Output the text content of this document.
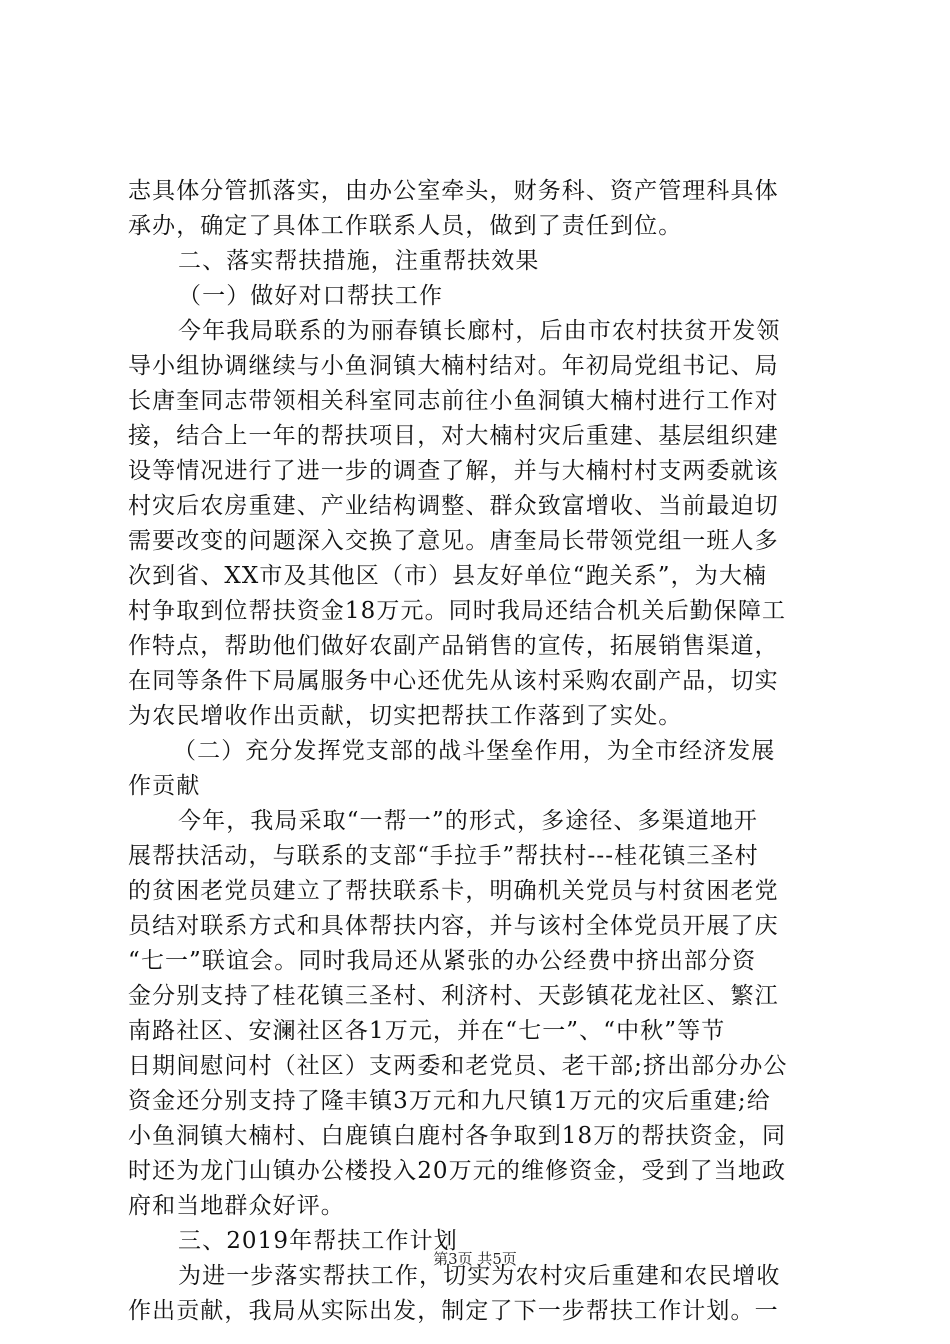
志具体分管抓落实，由办公室牵头，财务科、资产管理科具体
承办，确定了具体工作联系人员，做到了责任到位。
二、落实帮扶措施，注重帮扶效果
（一）做好对口帮扶工作
今年我局联系的为丽春镇长廊村，后由市农村扶贫开发领
导小组协调继续与小鱼洞镇大楠村结对。年初局党组书记、局
长唐奎同志带领相关科室同志前往小鱼洞镇大楠村进行工作对
接，结合上一年的帮扶项目，对大楠村灾后重建、基层组织建
设等情况进行了进一步的调查了解，并与大楠村村支两委就该
村灾后农房重建、产业结构调整、群众致富增收、当前最迫切
需要改变的问题深入交换了意见。唐奎局长带领党组一班人多
次到省、XX市及其他区（市）县友好单位“跑关系”，为大楠
村争取到位帮扶资金18万元。同时我局还结合机关后勤保障工
作特点，帮助他们做好农副产品销售的宣传，拓展销售渠道，
在同等条件下局属服务中心还优先从该村采购农副产品，切实
为农民增收作出贡献，切实把帮扶工作落到了实处。
（二）充分发挥党支部的战斗堡垒作用，为全市经济发展
作贡献
今年，我局采取“一帮一”的形式，多途径、多渠道地开
展帮扶活动，与联系的支部“手拉手”帮扶村---桂花镇三圣村
的贫困老党员建立了帮扶联系卡，明确机关党员与村贫困老党
员结对联系方式和具体帮扶内容，并与该村全体党员开展了庆
“七一”联谊会。同时我局还从紧张的办公经费中挤出部分资
金分别支持了桂花镇三圣村、利济村、天彭镇花龙社区、繁江
南路社区、安澜社区各1万元，并在“七一”、“中秋”等节
日期间慰问村（社区）支两委和老党员、老干部;挤出部分办公
资金还分别支持了隆丰镇3万元和九尺镇1万元的灾后重建;给
小鱼洞镇大楠村、白鹿镇白鹿村各争取到18万的帮扶资金，同
时还为龙门山镇办公楼投入20万元的维修资金，受到了当地政
府和当地群众好评。
三、2019年帮扶工作计划
为进一步落实帮扶工作，切实为农村灾后重建和农民增收
作出贡献，我局从实际出发，制定了下一步帮扶工作计划。一
第3页 共5页
